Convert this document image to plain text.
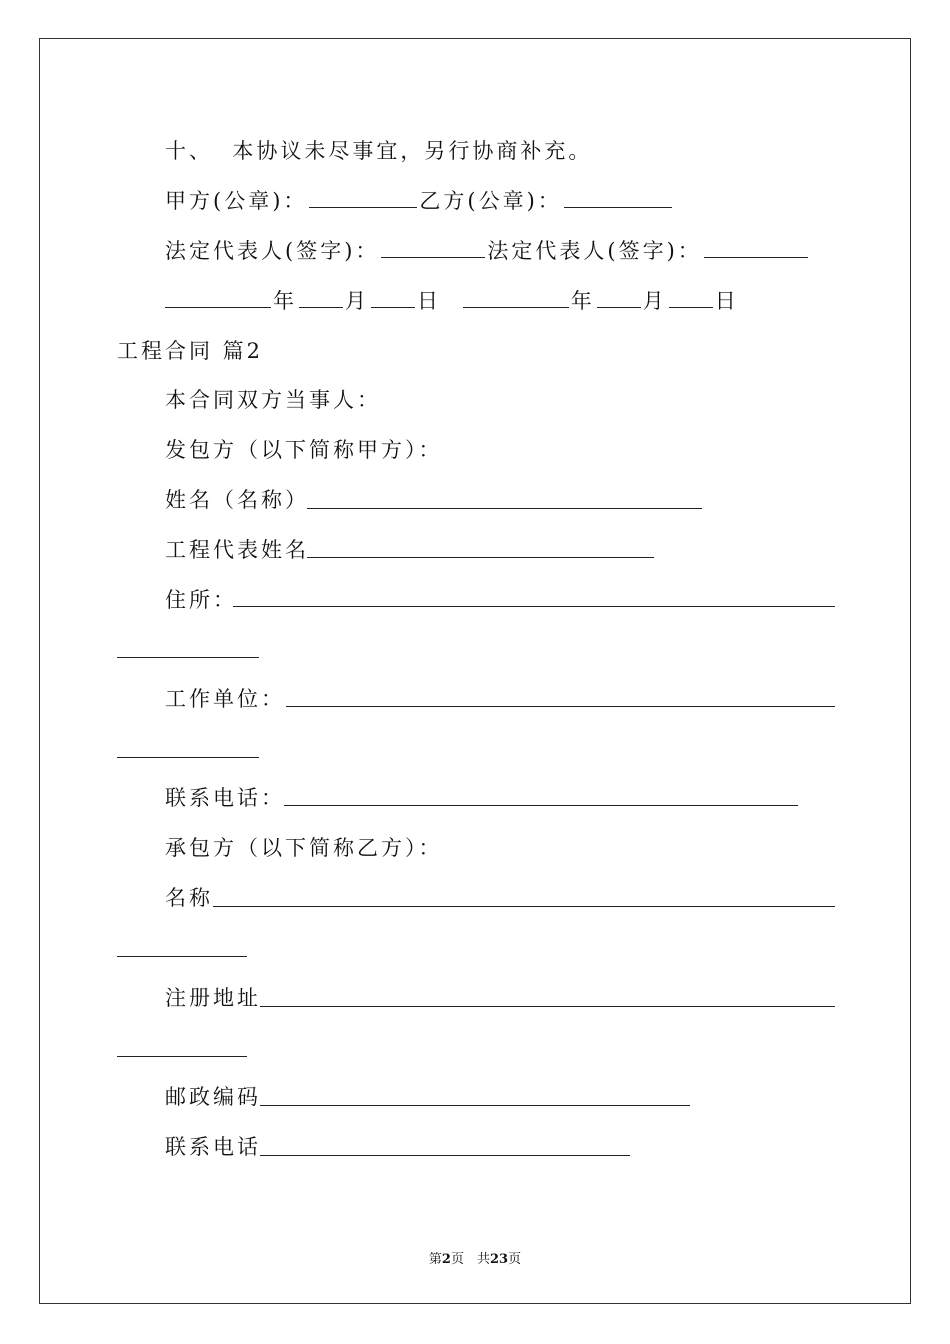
十、 本协议未尽事宜，另行协商补充。
甲方(公章)：	乙方(公章)：
法定代表人(签字)：	法定代表人(签字)：
年 月 日	年 月 日
工程合同 篇2
本合同双方当事人：
发包方（以下简称甲方）：
姓名（名称）
工程代表姓名
住所：
工作单位：
联系电话：
承包方（以下简称乙方）：
名称
注册地址
邮政编码
联系电话
第2页　共23页
